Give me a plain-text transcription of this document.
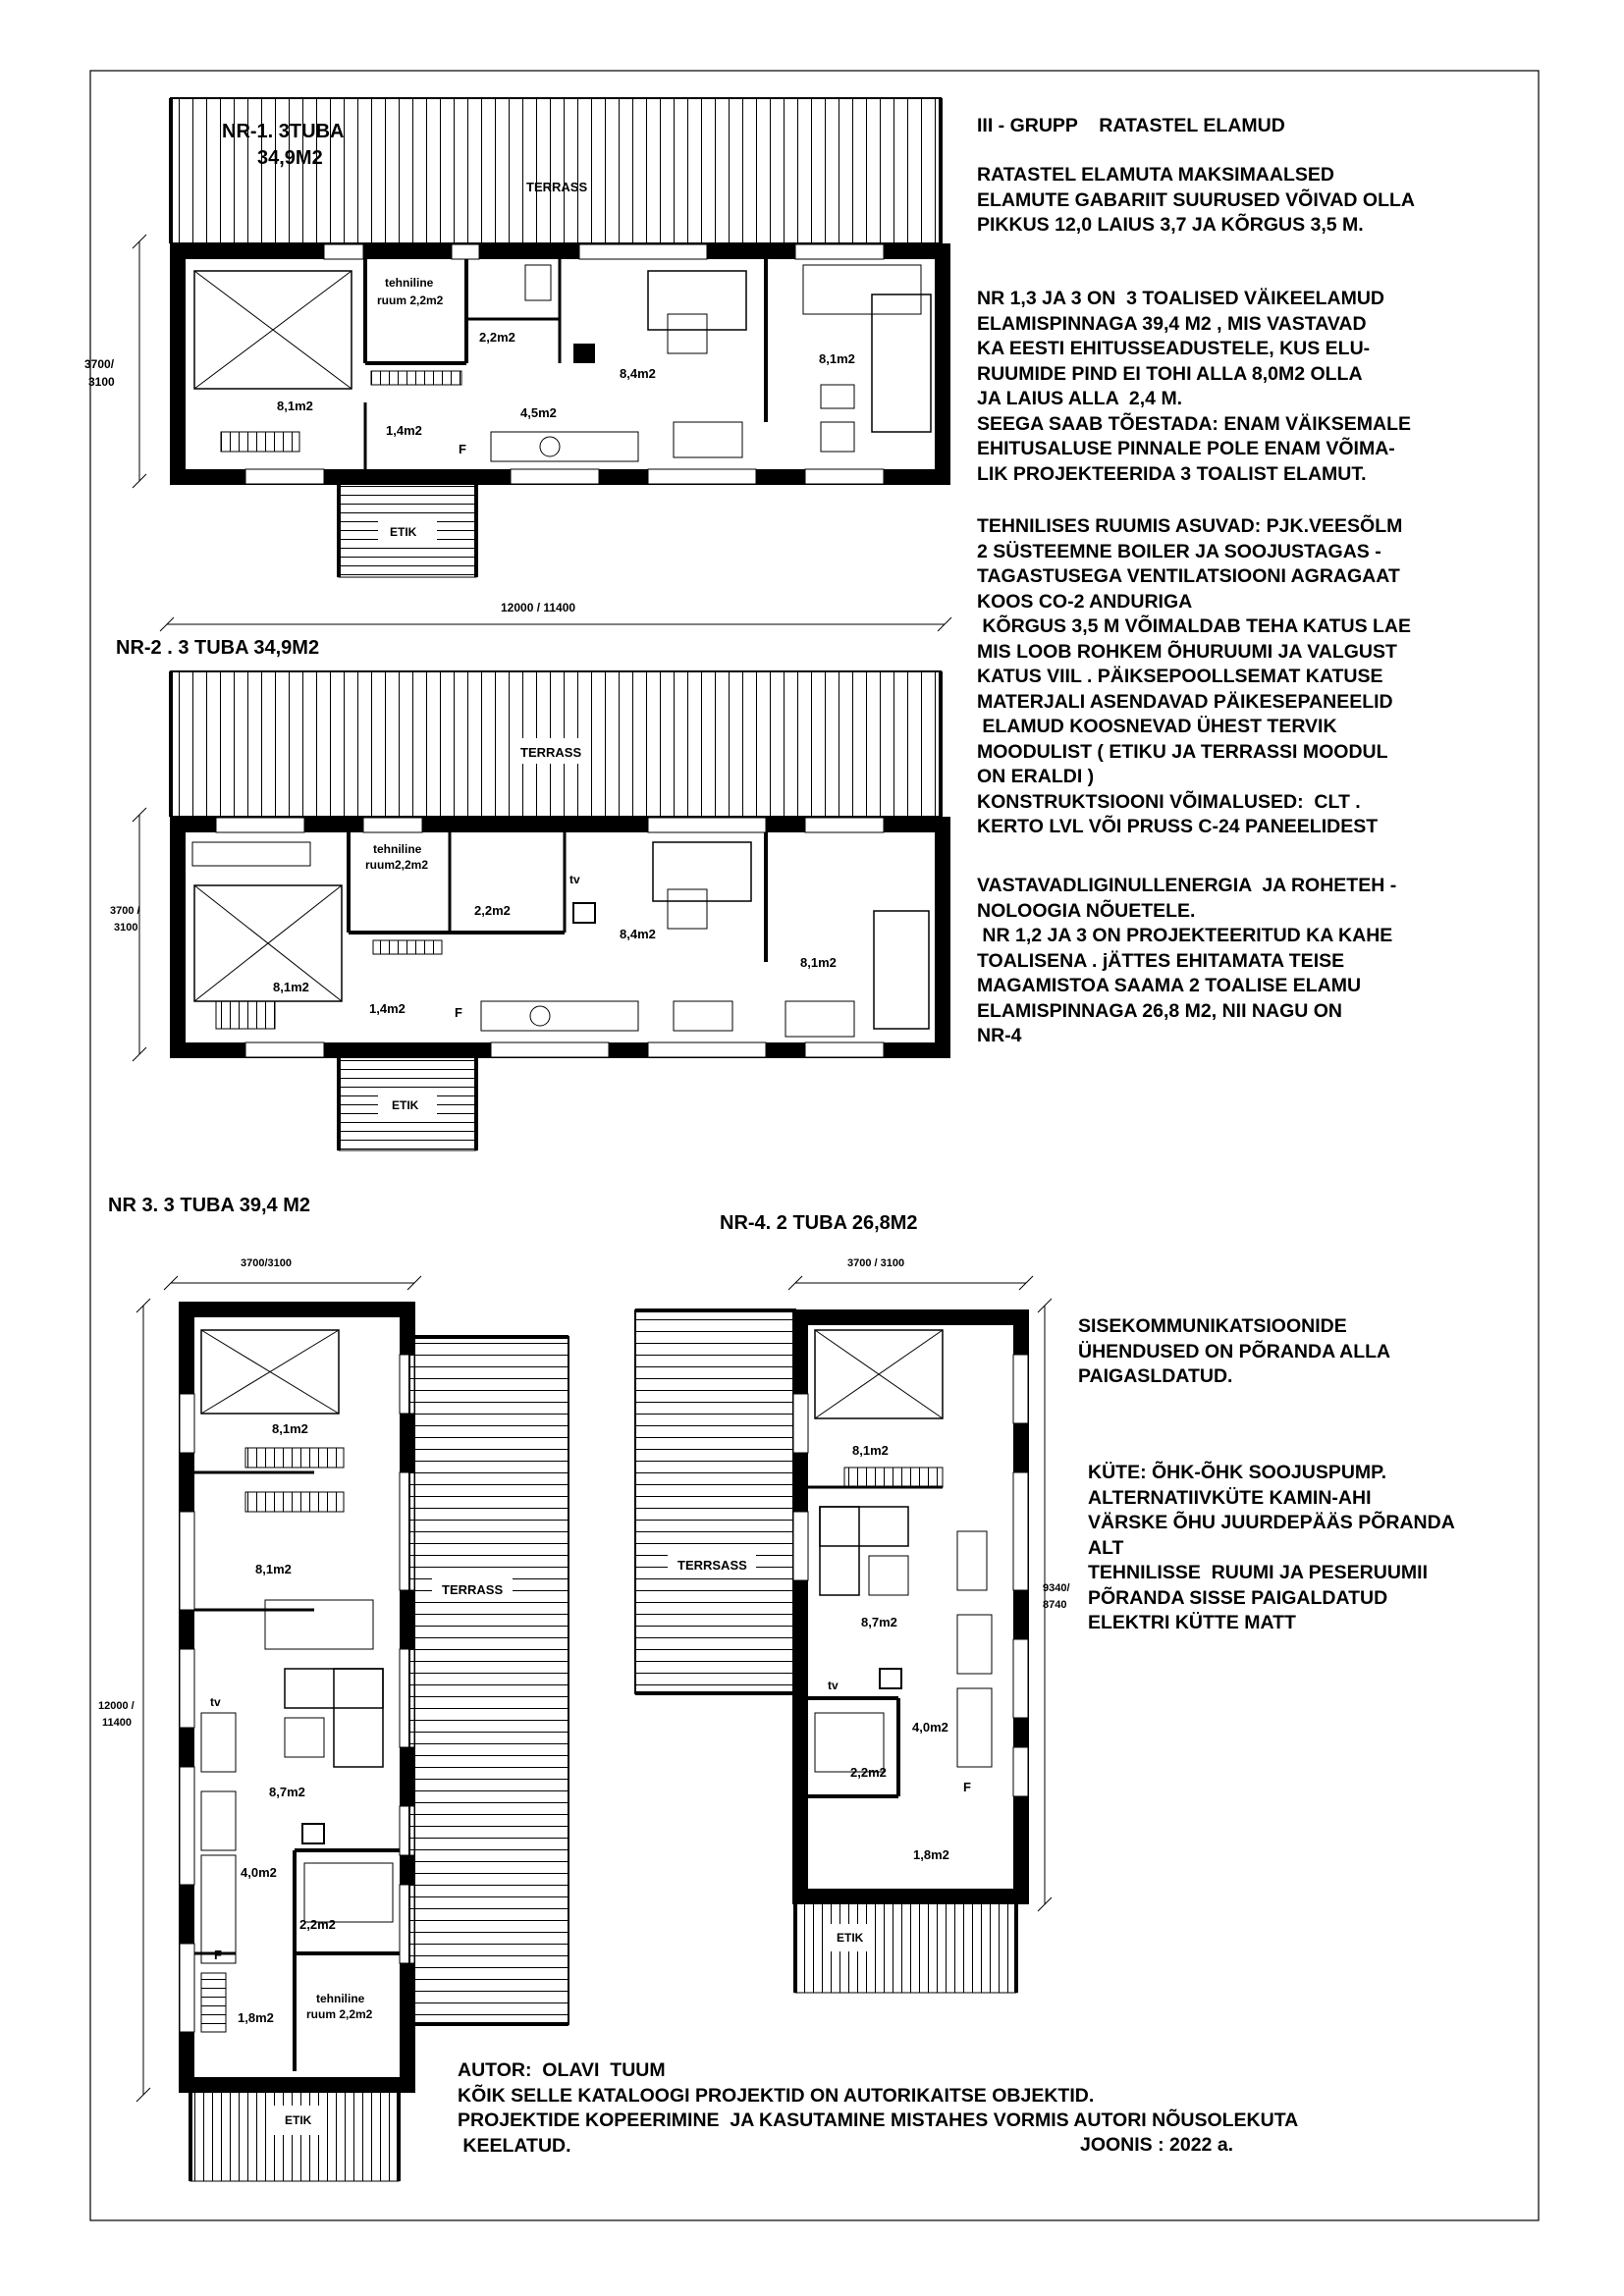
TERRASS
NR-1. 3TUBA
34,9M2
8,1m2
tehniline
ruum 2,2m2
2,2m2
1,4m2
4,5m2
8,4m2
8,1m2
F
ETIK
3700/
3100
12000 / 11400
NR-2 . 3 TUBA 34,9M2
TERRASS
tehniline
ruum2,2m2
2,2m2
tv
8,4m2
8,1m2
1,4m2
8,1m2
F
ETIK
3700 /
3100
NR 3. 3 TUBA 39,4 M2
3700/3100
12000 /
11400
8,1m2
8,1m2
tv
8,7m2
4,0m2
2,2m2
F
1,8m2
tehniline
ruum 2,2m2
TERRASS
ETIK
NR-4. 2 TUBA 26,8M2
3700 / 3100
9340/
8740
TERRSASS
8,1m2
8,7m2
tv
4,0m2
2,2m2
F
1,8m2
ETIK
III - GRUPP    RATASTEL ELAMUD
RATASTEL ELAMUTA MAKSIMAALSED
ELAMUTE GABARIIT SUURUSED VÕIVAD OLLA
PIKKUS 12,0 LAIUS 3,7 JA KÕRGUS 3,5 M.
NR 1,3 JA 3 ON  3 TOALISED VÄIKEELAMUD
ELAMISPINNAGA 39,4 M2 , MIS VASTAVAD
KA EESTI EHITUSSEADUSTELE, KUS ELU-
RUUMIDE PIND EI TOHI ALLA 8,0M2 OLLA
JA LAIUS ALLA  2,4 M.
SEEGA SAAB TÕESTADA: ENAM VÄIKSEMALE
EHITUSALUSE PINNALE POLE ENAM VÕIMA-
LIK PROJEKTEERIDA 3 TOALIST ELAMUT.
TEHNILISES RUUMIS ASUVAD: PJK.VEESÕLM
2 SÜSTEEMNE BOILER JA SOOJUSTAGAS -
TAGASTUSEGA VENTILATSIOONI AGRAGAAT
KOOS CO-2 ANDURIGA
KÕRGUS 3,5 M VÕIMALDAB TEHA KATUS LAE
MIS LOOB ROHKEM ÕHURUUMI JA VALGUST
KATUS VIIL . PÄIKSEPOOLLSEMAT KATUSE
MATERJALI ASENDAVAD PÄIKESEPANEELID
ELAMUD KOOSNEVAD ÜHEST TERVIK
MOODULIST ( ETIKU JA TERRASSI MOODUL
ON ERALDI )
KONSTRUKTSIOONI VÕIMALUSED:  CLT .
KERTO LVL VÕI PRUSS C-24 PANEELIDEST
VASTAVADLIGINULLENERGIA  JA ROHETEH -
NOLOOGIA NÕUETELE.
NR 1,2 JA 3 ON PROJEKTEERITUD KA KAHE
TOALISENA . jÄTTES EHITAMATA TEISE
MAGAMISTOA SAAMA 2 TOALISE ELAMU
ELAMISPINNAGA 26,8 M2, NII NAGU ON
NR-4
SISEKOMMUNIKATSIOONIDE
ÜHENDUSED ON PÕRANDA ALLA
PAIGASLDATUD.
KÜTE: ÕHK-ÕHK SOOJUSPUMP.
ALTERNATIIVKÜTE KAMIN-AHI
VÄRSKE ÕHU JUURDEPÄÄS PÕRANDA
ALT
TEHNILISSE  RUUMI JA PESERUUMII
PÕRANDA SISSE PAIGALDATUD
ELEKTRI KÜTTE MATT
AUTOR:  OLAVI  TUUM
KÕIK SELLE KATALOOGI PROJEKTID ON AUTORIKAITSE OBJEKTID.
PROJEKTIDE KOPEERIMINE  JA KASUTAMINE MISTAHES VORMIS AUTORI NÕUSOLEKUTA
KEELATUD.	JOONIS : 2022 a.
